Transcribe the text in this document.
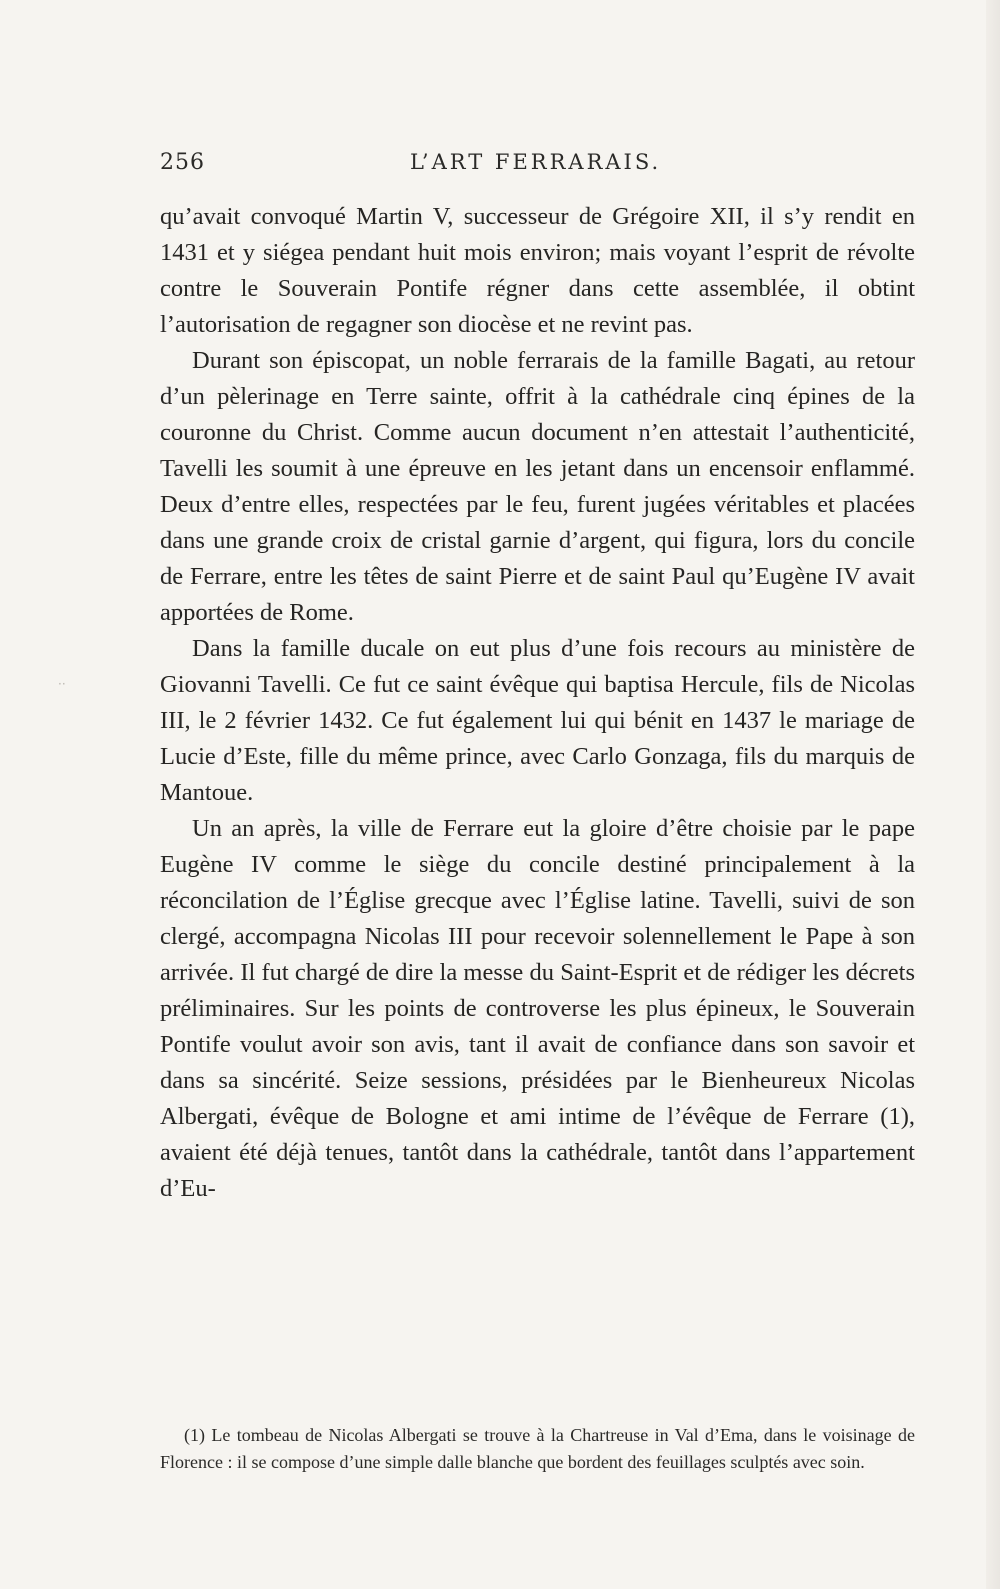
··
256	L’ART FERRARAIS.

qu’avait convoqué Martin V, successeur de Grégoire XII, il s’y rendit en 1431 et y siégea pendant huit mois environ; mais voyant l’esprit de révolte contre le Souverain Pontife régner dans cette assemblée, il obtint l’autorisation de regagner son diocèse et ne revint pas.

Durant son épiscopat, un noble ferrarais de la famille Bagati, au retour d’un pèlerinage en Terre sainte, offrit à la cathédrale cinq épines de la couronne du Christ. Comme aucun document n’en attestait l’authenticité, Tavelli les soumit à une épreuve en les jetant dans un encensoir enflammé. Deux d’entre elles, respectées par le feu, furent jugées véritables et placées dans une grande croix de cristal garnie d’argent, qui figura, lors du concile de Ferrare, entre les têtes de saint Pierre et de saint Paul qu’Eugène IV avait apportées de Rome.

Dans la famille ducale on eut plus d’une fois recours au ministère de Giovanni Tavelli. Ce fut ce saint évêque qui baptisa Hercule, fils de Nicolas III, le 2 février 1432. Ce fut également lui qui bénit en 1437 le mariage de Lucie d’Este, fille du même prince, avec Carlo Gonzaga, fils du marquis de Mantoue.

Un an après, la ville de Ferrare eut la gloire d’être choisie par le pape Eugène IV comme le siège du concile destiné principalement à la réconcilation de l’Église grecque avec l’Église latine. Tavelli, suivi de son clergé, accompagna Nicolas III pour recevoir solennellement le Pape à son arrivée. Il fut chargé de dire la messe du Saint-Esprit et de rédiger les décrets préliminaires. Sur les points de controverse les plus épineux, le Souverain Pontife voulut avoir son avis, tant il avait de confiance dans son savoir et dans sa sincérité. Seize sessions, présidées par le Bienheureux Nicolas Albergati, évêque de Bologne et ami intime de l’évêque de Ferrare (1), avaient été déjà tenues, tantôt dans la cathédrale, tantôt dans l’appartement d’Eu-

(1) Le tombeau de Nicolas Albergati se trouve à la Chartreuse in Val d’Ema, dans le voisinage de Florence : il se compose d’une simple dalle blanche que bordent des feuillages sculptés avec soin.
